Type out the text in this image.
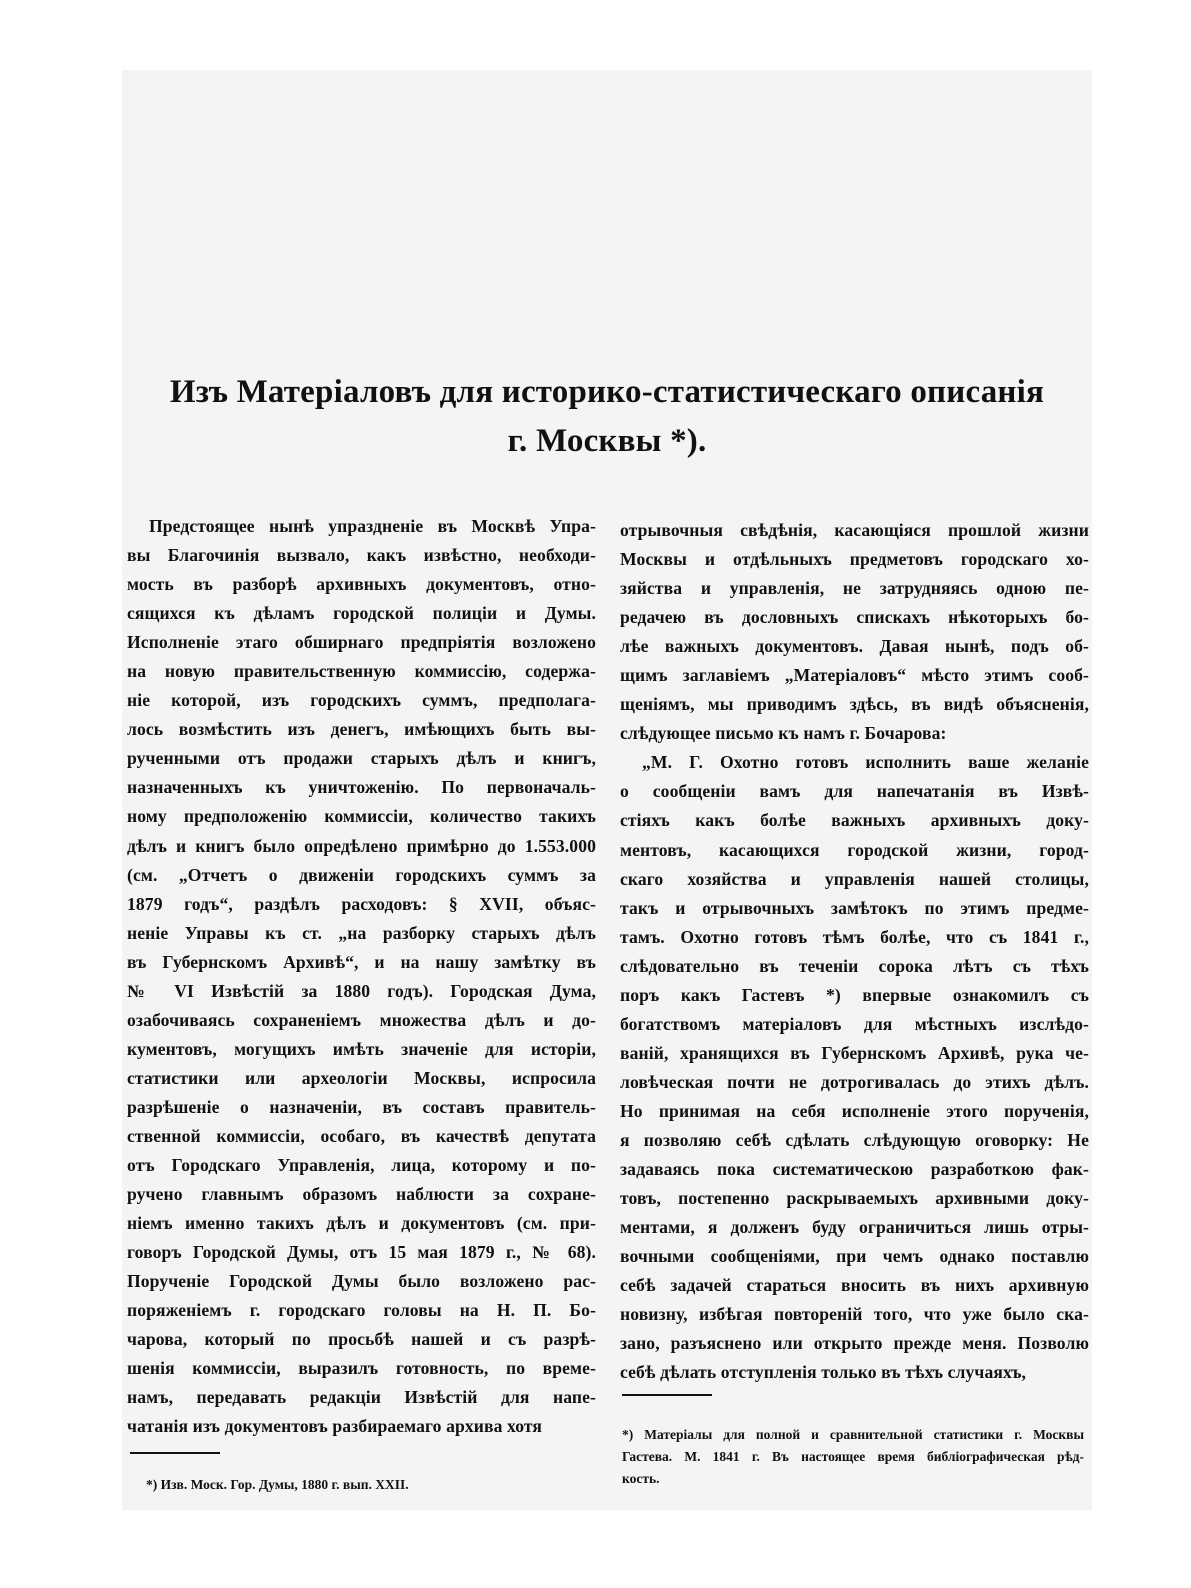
Изъ Матеріаловъ для историко-статистическаго описанія
г. Москвы *).
Предстоящее нынѣ упраздненіе въ Москвѣ Упра-
вы Благочинія вызвало, какъ извѣстно, необходи-
мость въ разборѣ архивныхъ документовъ, отно-
сящихся къ дѣламъ городской полиціи и Думы.
Исполненіе этаго обширнаго предпріятія возложено
на новую правительственную коммиссію, содержа-
ніе которой, изъ городскихъ суммъ, предполага-
лось возмѣстить изъ денегъ, имѣющихъ быть вы-
рученными отъ продажи старыхъ дѣлъ и книгъ,
назначенныхъ къ уничтоженію. По первоначаль-
ному предположенію коммиссіи, количество такихъ
дѣлъ и книгъ было опредѣлено примѣрно до 1.553.000
(см. „Отчетъ о движеніи городскихъ суммъ за
1879 годъ“, раздѣлъ расходовъ: § XVII, объяс-
неніе Управы къ ст. „на разборку старыхъ дѣлъ
въ Губернскомъ Архивѣ“, и на нашу замѣтку въ
№ VI Извѣстій за 1880 годъ). Городская Дума,
озабочиваясь сохраненіемъ множества дѣлъ и до-
кументовъ, могущихъ имѣть значеніе для исторіи,
статистики или археологіи Москвы, испросила
разрѣшеніе о назначеніи, въ составъ правитель-
ственной коммиссіи, особаго, въ качествѣ депутата
отъ Городскаго Управленія, лица, которому и по-
ручено главнымъ образомъ наблюсти за сохране-
ніемъ именно такихъ дѣлъ и документовъ (см. при-
говоръ Городской Думы, отъ 15 мая 1879 г., № 68).
Порученіе Городской Думы было возложено рас-
поряженіемъ г. городскаго головы на Н. П. Бо-
чарова, который по просьбѣ нашей и съ разрѣ-
шенія коммиссіи, выразилъ готовность, по време-
намъ, передавать редакціи Извѣстій для напе-
чатанія изъ документовъ разбираемаго архива хотя
отрывочныя свѣдѣнія, касающіяся прошлой жизни
Москвы и отдѣльныхъ предметовъ городскаго хо-
зяйства и управленія, не затрудняясь одною пе-
редачею въ дословныхъ спискахъ нѣкоторыхъ бо-
лѣе важныхъ документовъ. Давая нынѣ, подъ об-
щимъ заглавіемъ „Матеріаловъ“ мѣсто этимъ сооб-
щеніямъ, мы приводимъ здѣсь, въ видѣ объясненія,
слѣдующее письмо къ намъ г. Бочарова:
„М. Г. Охотно готовъ исполнить ваше желаніе
о сообщеніи вамъ для напечатанія въ Извѣ-
стіяхъ какъ болѣе важныхъ архивныхъ доку-
ментовъ, касающихся городской жизни, город-
скаго хозяйства и управленія нашей столицы,
такъ и отрывочныхъ замѣтокъ по этимъ предме-
тамъ. Охотно готовъ тѣмъ болѣе, что съ 1841 г.,
слѣдовательно въ теченіи сорока лѣтъ съ тѣхъ
поръ какъ Гастевъ *) впервые ознакомилъ съ
богатствомъ матеріаловъ для мѣстныхъ изслѣдо-
ваній, хранящихся въ Губернскомъ Архивѣ, рука че-
ловѣческая почти не дотрогивалась до этихъ дѣлъ.
Но принимая на себя исполненіе этого порученія,
я позволяю себѣ сдѣлать слѣдующую оговорку: Не
задаваясь пока систематическою разработкою фак-
товъ, постепенно раскрываемыхъ архивными доку-
ментами, я долженъ буду ограничиться лишь отры-
вочными сообщеніями, при чемъ однако поставлю
себѣ задачей стараться вносить въ нихъ архивную
новизну, избѣгая повтореній того, что уже было ска-
зано, разъяснено или открыто прежде меня. Позволю
себѣ дѣлать отступленія только въ тѣхъ случаяхъ,
*) Изв. Моск. Гор. Думы, 1880 г. вып. XXII.
*) Матеріалы для полной и сравнительной статистики г. Москвы
Гастева. М. 1841 г. Въ настоящее время библіографическая рѣд-
кость.
